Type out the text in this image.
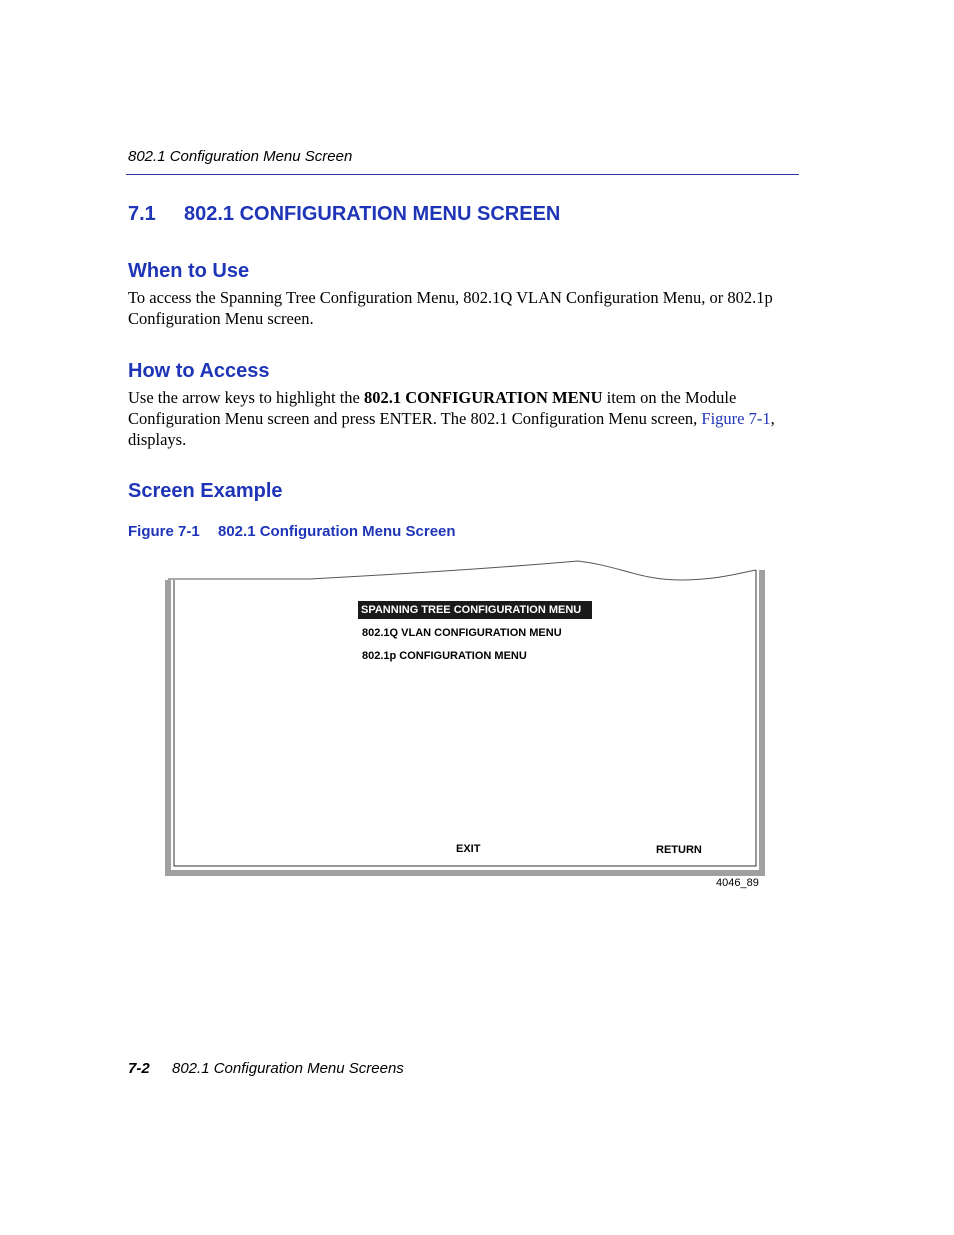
802.1 Configuration Menu Screen
7.1 802.1 CONFIGURATION MENU SCREEN
When to Use
To access the Spanning Tree Configuration Menu, 802.1Q VLAN Configuration Menu, or 802.1p Configuration Menu screen.
How to Access
Use the arrow keys to highlight the 802.1 CONFIGURATION MENU item on the Module Configuration Menu screen and press ENTER. The 802.1 Configuration Menu screen, Figure 7-1, displays.
Screen Example
Figure 7-1 802.1 Configuration Menu Screen
SPANNING TREE CONFIGURATION MENU
802.1Q VLAN CONFIGURATION MENU
802.1p CONFIGURATION MENU
EXIT	RETURN
4046_89
7-2 802.1 Configuration Menu Screens
